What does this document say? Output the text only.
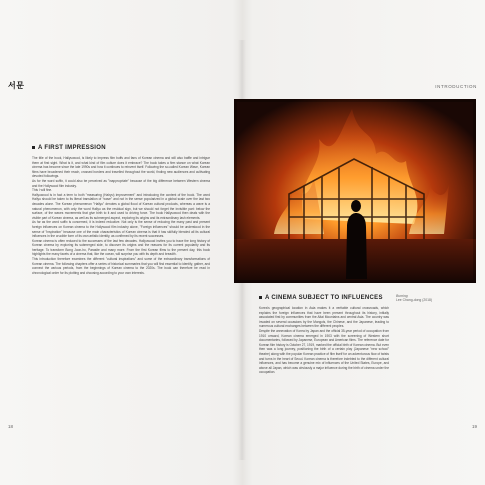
서문
A FIRST IMPRESSION

The title of the book, Hallyuwood, is likely to impress film buffs and fans of Korean cinema and will also baffle and intrigue them at first sight. What is it, and what kind of film culture does it embrace? The book takes a firm stance on what Korean cinema has become since the late 1990s and how it continues to reinvent itself. Following the so-called Korean Wave, Korean films have broadened their reach, crossed borders and travelled throughout the world, finding new audiences and cultivating devoted followings.

As for the word suffix, it could also be perceived as "inappropriate" because of the big difference between Western cinema and the Hollywood film industry.

This I will fine.

Hallyuwood is in fact a term to both "measuring (Halryu) improvement" and introducing the content of the book. The word Hallyu should be taken to its literal translation of "wave" and not in the sense popularized in a global scale over the last two decades alone. The Korean phenomenon "Hallyu" denotes a global flood of Korean cultural products, whereas a wave is a natural phenomenon, with only the word Hallyu as the residual sign, but we should not forget the invisible part: below the surface, of the waves movements that give birth to it and used to driving force. The book Hallyuwood then deals with the visible part of Korean cinema, as well as its submerged aspect, exploring its origins and its extraordinary lash elements.

As far as the word suffix is concerned, it is indeed reductive. Not only is the sense of reducing the many past and present foreign influences on Korean cinema to the Hollywood film industry alone, "Foreign influences" should be understood in the sense of "inspiration" because one of the main characteristics of Korean cinema is that it has skilfully blended all its cultural influences in the crucible form of its own artistic identity, as confirmed by its recent successes.

Korean cinema is often reduced to the successes of the last few decades. Hallyuwood invites you to trace the long history of Korean cinema by exploring its submerged side, to discover its origins and the reasons for its current popularity and its heritage. To transform Bong Joon-ho, Parasite and many more. From the first Korean films to the present day, this book highlights the many facets of a cinema that, like the ocean, will surprise you with its depth and breadth.

This introduction therefore examines the different "cultural inspirations" and some of the extraordinary transformations of Korean cinema. The following chapters offer a series of historical summaries that you will find essential to identify, gather, and connect the various periods, from the beginnings of Korean cinema to the 2020s. The book can therefore be read in chronological order for its plotting and choosing according to your own interests.

18
INTRODUCTION
A CINEMA SUBJECT TO INFLUENCES

Korea's geographical location in Asia makes it a veritable cultural crossroads, which explains the foreign influences that have been present throughout its history, initially associated first by communities from the Altai Mountains and central Asia. The country was invaded on several occasions by the Mongols, the Chinese, and the Japanese, leading to numerous cultural exchanges between the different peoples.

Despite the annexation of Korea by Japan and the official 35-year period of occupation from 1910 onward, Korean cinema emerged in 1903 with the screening of Western short documentaries, followed by Japanese, European and American films. The reference date for Korean film history is October 27, 1919, marked the official birth of Korean cinema. But even then was a long journey, positioning the birth of a certain play (Japanese "new school" theatre) along with the popular Korean practice of film itself for an adventurous flow of twists and turns in the heart of Seoul. Korean cinema is therefore indebted to the different cultural influences, and has become a genuine mix of influences of the United States, Europe, and above all Japan, which was obviously a major influence during the birth of cinema under the occupation.

Burning
Lee Chang-dong (2018)
19
